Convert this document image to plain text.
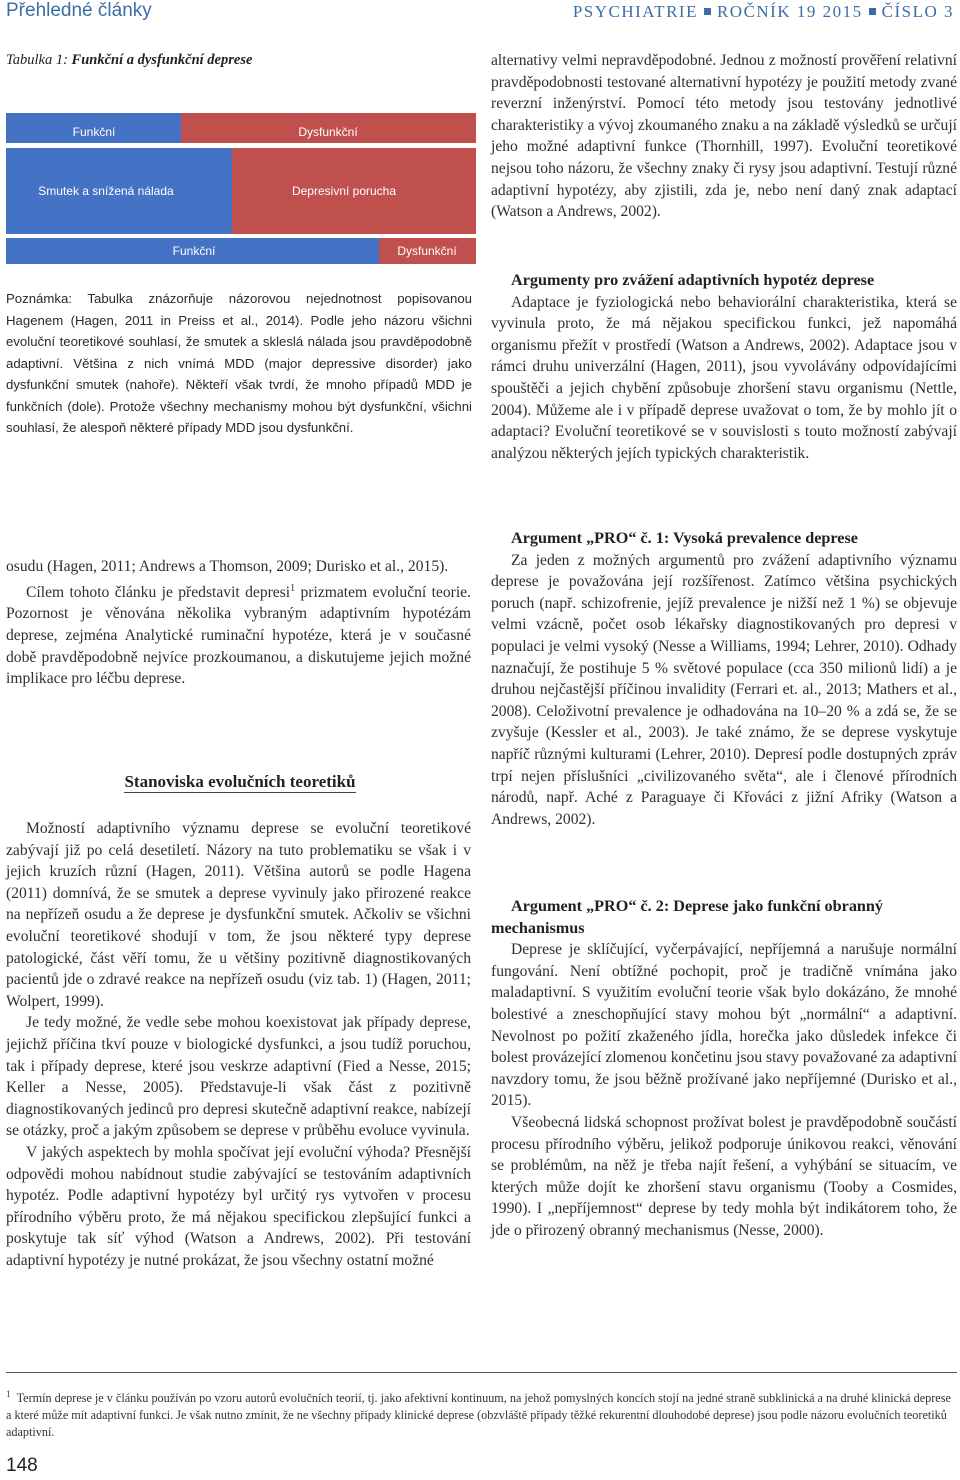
Přehledné články	PSYCHIATRIE ROČNÍK 19 2015 ČÍSLO 3
Tabulka 1: Funkční a dysfunkční deprese
Funkční	Dysfunkční
Smutek a snížená nálada	Depresivní porucha
Funkční	Dysfunkční
Poznámka: Tabulka znázorňuje názorovou nejednotnost popisovanou Hagenem (Hagen, 2011 in Preiss et al., 2014). Podle jeho názoru všichni evoluční teoretikové souhlasí, že smutek a skleslá nálada jsou pravděpodobně adaptivní. Většina z nich vnímá MDD (major depressive disorder) jako dysfunkční smutek (nahoře). Někteří však tvrdí, že mnoho případů MDD je funkčních (dole). Protože všechny mechanismy mohou být dysfunkční, všichni souhlasí, že alespoň některé případy MDD jsou dysfunkční.

osudu (Hagen, 2011; Andrews a Thomson, 2009; Durisko et al., 2015).

Cílem tohoto článku je představit depresi$^1$ prizmatem evoluční teorie. Pozornost je věnována několika vybraným adaptivním hypotézám deprese, zejména Analytické ruminační hypotéze, která je v současné době pravděpodobně nejvíce prozkoumanou, a diskutujeme jejich možné implikace pro léčbu deprese.

Stanoviska evolučních teoretiků

Možností adaptivního významu deprese se evoluční teoretikové zabývají již po celá desetiletí. Názory na tuto problematiku se však i v jejich kruzích různí (Hagen, 2011). Většina autorů se podle Hagena (2011) domnívá, že se smutek a deprese vyvinuly jako přirozené reakce na nepřízeň osudu a že deprese je dysfunkční smutek. Ačkoliv se všichni evoluční teoretikové shodují v tom, že jsou některé typy deprese patologické, část věří tomu, že u většiny pozitivně diagnostikovaných pacientů jde o zdravé reakce na nepřízeň osudu (viz tab. 1) (Hagen, 2011; Wolpert, 1999).

Je tedy možné, že vedle sebe mohou koexistovat jak případy deprese, jejichž příčina tkví pouze v biologické dysfunkci, a jsou tudíž poruchou, tak i případy deprese, které jsou veskrze adaptivní (Fied a Nesse, 2015; Keller a Nesse, 2005). Představuje-li však část z pozitivně diagnostikovaných jedinců pro depresi skutečně adaptivní reakce, nabízejí se otázky, proč a jakým způsobem se deprese v průběhu evoluce vyvinula.

V jakých aspektech by mohla spočívat její evoluční výhoda? Přesnější odpovědi mohou nabídnout studie zabývající se testováním adaptivních hypotéz. Podle adaptivní hypotézy byl určitý rys vytvořen v procesu přírodního výběru proto, že má nějakou specifickou zlepšující funkci a poskytuje tak síť výhod (Watson a Andrews, 2002). Při testování adaptivní hypotézy je nutné prokázat, že jsou všechny ostatní možné

alternativy velmi nepravděpodobné. Jednou z možností prověření relativní pravděpodobnosti testované alternativní hypotézy je použití metody zvané reverzní inženýrství. Pomocí této metody jsou testovány jednotlivé charakteristiky a vývoj zkoumaného znaku a na základě výsledků se určují jeho možné adaptivní funkce (Thornhill, 1997). Evoluční teoretikové nejsou toho názoru, že všechny znaky či rysy jsou adaptivní. Testují různé adaptivní hypotézy, aby zjistili, zda je, nebo není daný znak adaptací (Watson a Andrews, 2002).

Argumenty pro zvážení adaptivních hypotéz deprese

Adaptace je fyziologická nebo behaviorální charakteristika, která se vyvinula proto, že má nějakou specifickou funkci, jež napomáhá organismu přežít v prostředí (Watson a Andrews, 2002). Adaptace jsou v rámci druhu univerzální (Hagen, 2011), jsou vyvolávány odpovídajícími spouštěči a jejich chybění způsobuje zhoršení stavu organismu (Nettle, 2004). Můžeme ale i v případě deprese uvažovat o tom, že by mohlo jít o adaptaci? Evoluční teoretikové se v souvislosti s touto možností zabývají analýzou některých jejích typických charakteristik.

Argument „PRO“ č. 1: Vysoká prevalence deprese

Za jeden z možných argumentů pro zvážení adaptivního významu deprese je považována její rozšířenost. Zatímco většina psychických poruch (např. schizofrenie, jejíž prevalence je nižší než 1 %) se objevuje velmi vzácně, počet osob lékařsky diagnostikovaných pro depresi v populaci je velmi vysoký (Nesse a Williams, 1994; Lehrer, 2010). Odhady naznačují, že postihuje 5 % světové populace (cca 350 milionů lidí) a je druhou nejčastější příčinou invalidity (Ferrari et. al., 2013; Mathers et al., 2008). Celoživotní prevalence je odhadována na 10–20 % a zdá se, že se zvyšuje (Kessler et al., 2003). Je také známo, že se deprese vyskytuje napříč různými kulturami (Lehrer, 2010). Depresí podle dostupných zpráv trpí nejen příslušníci „civilizovaného světa“, ale i členové přírodních národů, např. Aché z Paraguaye či Křováci z jižní Afriky (Watson a Andrews, 2002).

Argument „PRO“ č. 2: Deprese jako funkční obranný mechanismus

Deprese je sklíčující, vyčerpávající, nepříjemná a narušuje normální fungování. Není obtížné pochopit, proč je tradičně vnímána jako maladaptivní. S využitím evoluční teorie však bylo dokázáno, že mnohé bolestivé a zneschopňující stavy mohou být „normální“ a adaptivní. Nevolnost po požití zkaženého jídla, horečka jako důsledek infekce či bolest provázející zlomenou končetinu jsou stavy považované za adaptivní navzdory tomu, že jsou běžně prožívané jako nepříjemné (Durisko et al., 2015).

Všeobecná lidská schopnost prožívat bolest je pravděpodobně součástí procesu přírodního výběru, jelikož podporuje únikovou reakci, věnování se problémům, na něž je třeba najít řešení, a vyhýbání se situacím, ve kterých může dojít ke zhoršení stavu organismu (Tooby a Cosmides, 1990). I „nepříjemnost“ deprese by tedy mohla být indikátorem toho, že jde o přirozený obranný mechanismus (Nesse, 2000).

$^1$ Termín deprese je v článku používán po vzoru autorů evolučních teorií, tj. jako afektivní kontinuum, na jehož pomyslných koncích stojí na jedné straně subklinická a na druhé klinická deprese a které může mít adaptivní funkci. Je však nutno zmínit, že ne všechny případy klinické deprese (obzvláště případy těžké rekurentní dlouhodobé deprese) jsou podle názoru evolučních teoretiků adaptivní.
148
